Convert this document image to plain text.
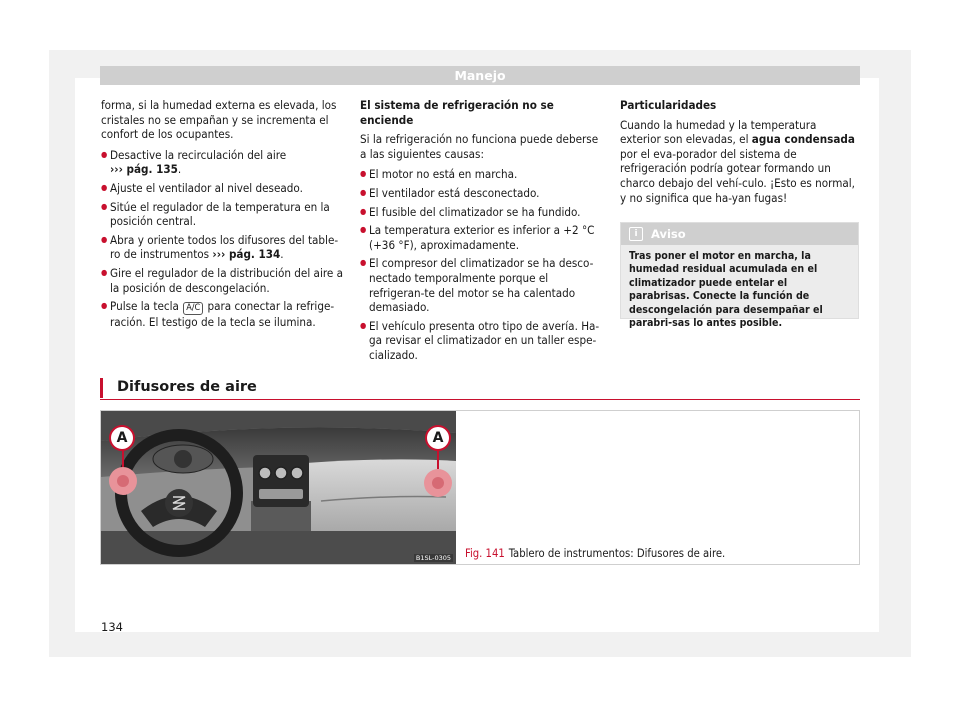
Manejo

forma, si la humedad externa es elevada, los cristales no se empañan y se incrementa el confort de los ocupantes.

● Desactive la recirculación del aire
››› pág. 135.
● Ajuste el ventilador al nivel deseado.
● Sitúe el regulador de la temperatura en la posición central.
● Abra y oriente todos los difusores del table-ro de instrumentos ››› pág. 134.
● Gire el regulador de la distribución del aire a la posición de descongelación.
● Pulse la tecla A/C para conectar la refrige-ración. El testigo de la tecla se ilumina.

El sistema de refrigeración no se enciende

Si la refrigeración no funciona puede deberse a las siguientes causas:

● El motor no está en marcha.
● El ventilador está desconectado.
● El fusible del climatizador se ha fundido.
● La temperatura exterior es inferior a +2 °C (+36 °F), aproximadamente.
● El compresor del climatizador se ha desco-nectado temporalmente porque el refrigeran-te del motor se ha calentado demasiado.
● El vehículo presenta otro tipo de avería. Ha-ga revisar el climatizador en un taller espe-cializado.

Particularidades

Cuando la humedad y la temperatura exterior son elevadas, el agua condensada por el eva-porador del sistema de refrigeración podría gotear formando un charco debajo del vehí-culo. ¡Esto es normal, y no significa que ha-yan fugas!

i	Aviso
Tras poner el motor en marcha, la humedad residual acumulada en el climatizador puede entelar el parabrisas. Conecte la función de descongelación para desempañar el parabri-sas lo antes posible.
Difusores de aire
A	A
B1SL-0305 Fig. 141 Tablero de instrumentos: Difusores de aire.
134
